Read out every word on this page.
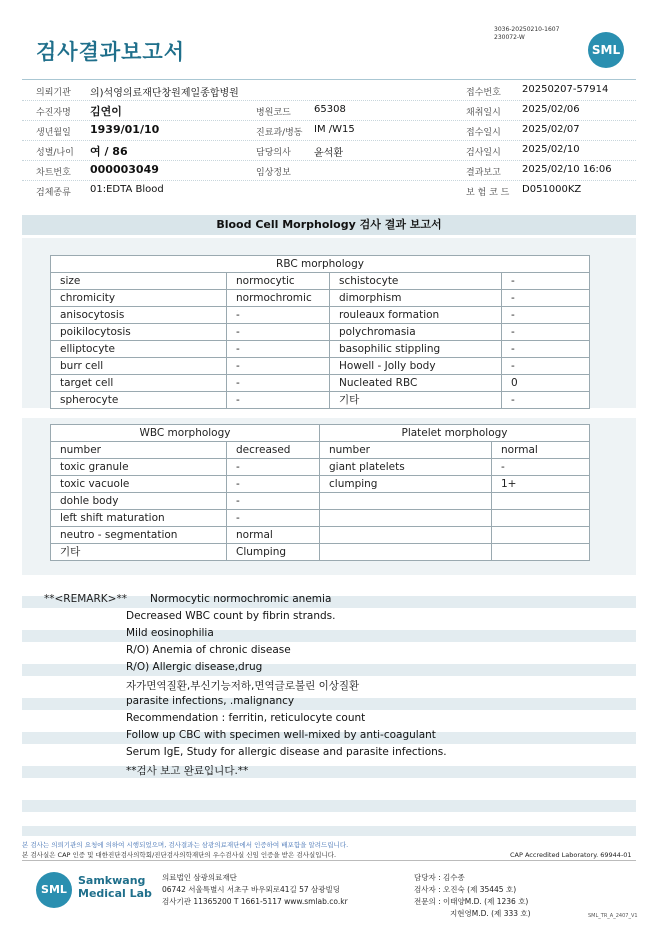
검사결과보고서
3036-20250210-1607
230072-W
SML
의뢰기관 의)석영의료재단창원제일종합병원	접수번호 20250207-57914
수진자명 김연이	병원코드 65308	채취일시 2025/02/06
생년월일 1939/01/10	진료과/병동 IM /W15	접수일시 2025/02/07
성별/나이 여 / 86	담당의사 윤석환	검사일시 2025/02/10
차트번호 000003049	임상정보	결과보고 2025/02/10 16:06
검체종류 01:EDTA Blood	보 험 코 드 D051000KZ
Blood Cell Morphology 검사 결과 보고서
RBC morphology			
size	normocytic	schistocyte	-
chromicity	normochromic	dimorphism	-
anisocytosis	-	rouleaux formation	-
poikilocytosis	-	polychromasia	-
elliptocyte	-	basophilic stippling	-
burr cell	-	Howell - Jolly body	-
target cell	-	Nucleated RBC	0
spherocyte	-	기타	-
WBC morphology		Platelet morphology	
number	decreased	number	normal
toxic granule	-	giant platelets	-
toxic vacuole	-	clumping	1+
dohle body	-		
left shift maturation	-		
neutro - segmentation	normal		
기타	Clumping		
**<REMARK>** Normocytic normochromic anemia
Decreased WBC count by fibrin strands.
Mild eosinophilia
R/O) Anemia of chronic disease
R/O) Allergic disease,drug
자가면역질환,부신기능저하,면역글로불린 이상질환
parasite infections, .malignancy
Recommendation : ferritin, reticulocyte count
Follow up CBC with specimen well-mixed by anti-coagulant
Serum IgE, Study for allergic disease and parasite infections.
**검사 보고 완료입니다.**
본 검사는 의뢰기관의 요청에 의하여 시행되었으며, 검사결과는 삼광의료재단에서 인증하여 배포함을 알려드립니다.
본 검사실은 CAP 인증 및 대한진단검사의학회/진단검사의학재단의 우수검사실 신임 인증을 받은 검사실입니다.	CAP Accredited Laboratory. 69944-01
SML
Samkwang
Medical Lab
의료법인 삼광의료재단
06742 서울특별시 서초구 바우뫼로41길 57 삼광빌딩
검사기관 11365200 T 1661-5117 www.smlab.co.kr
담당자 : 김수종
검사자 : 오진숙 (제 35445 호)
전문의 : 이태양M.D. (제 1236 호)
지현영M.D. (제 333 호)	SML_TR_A_2407_V1
